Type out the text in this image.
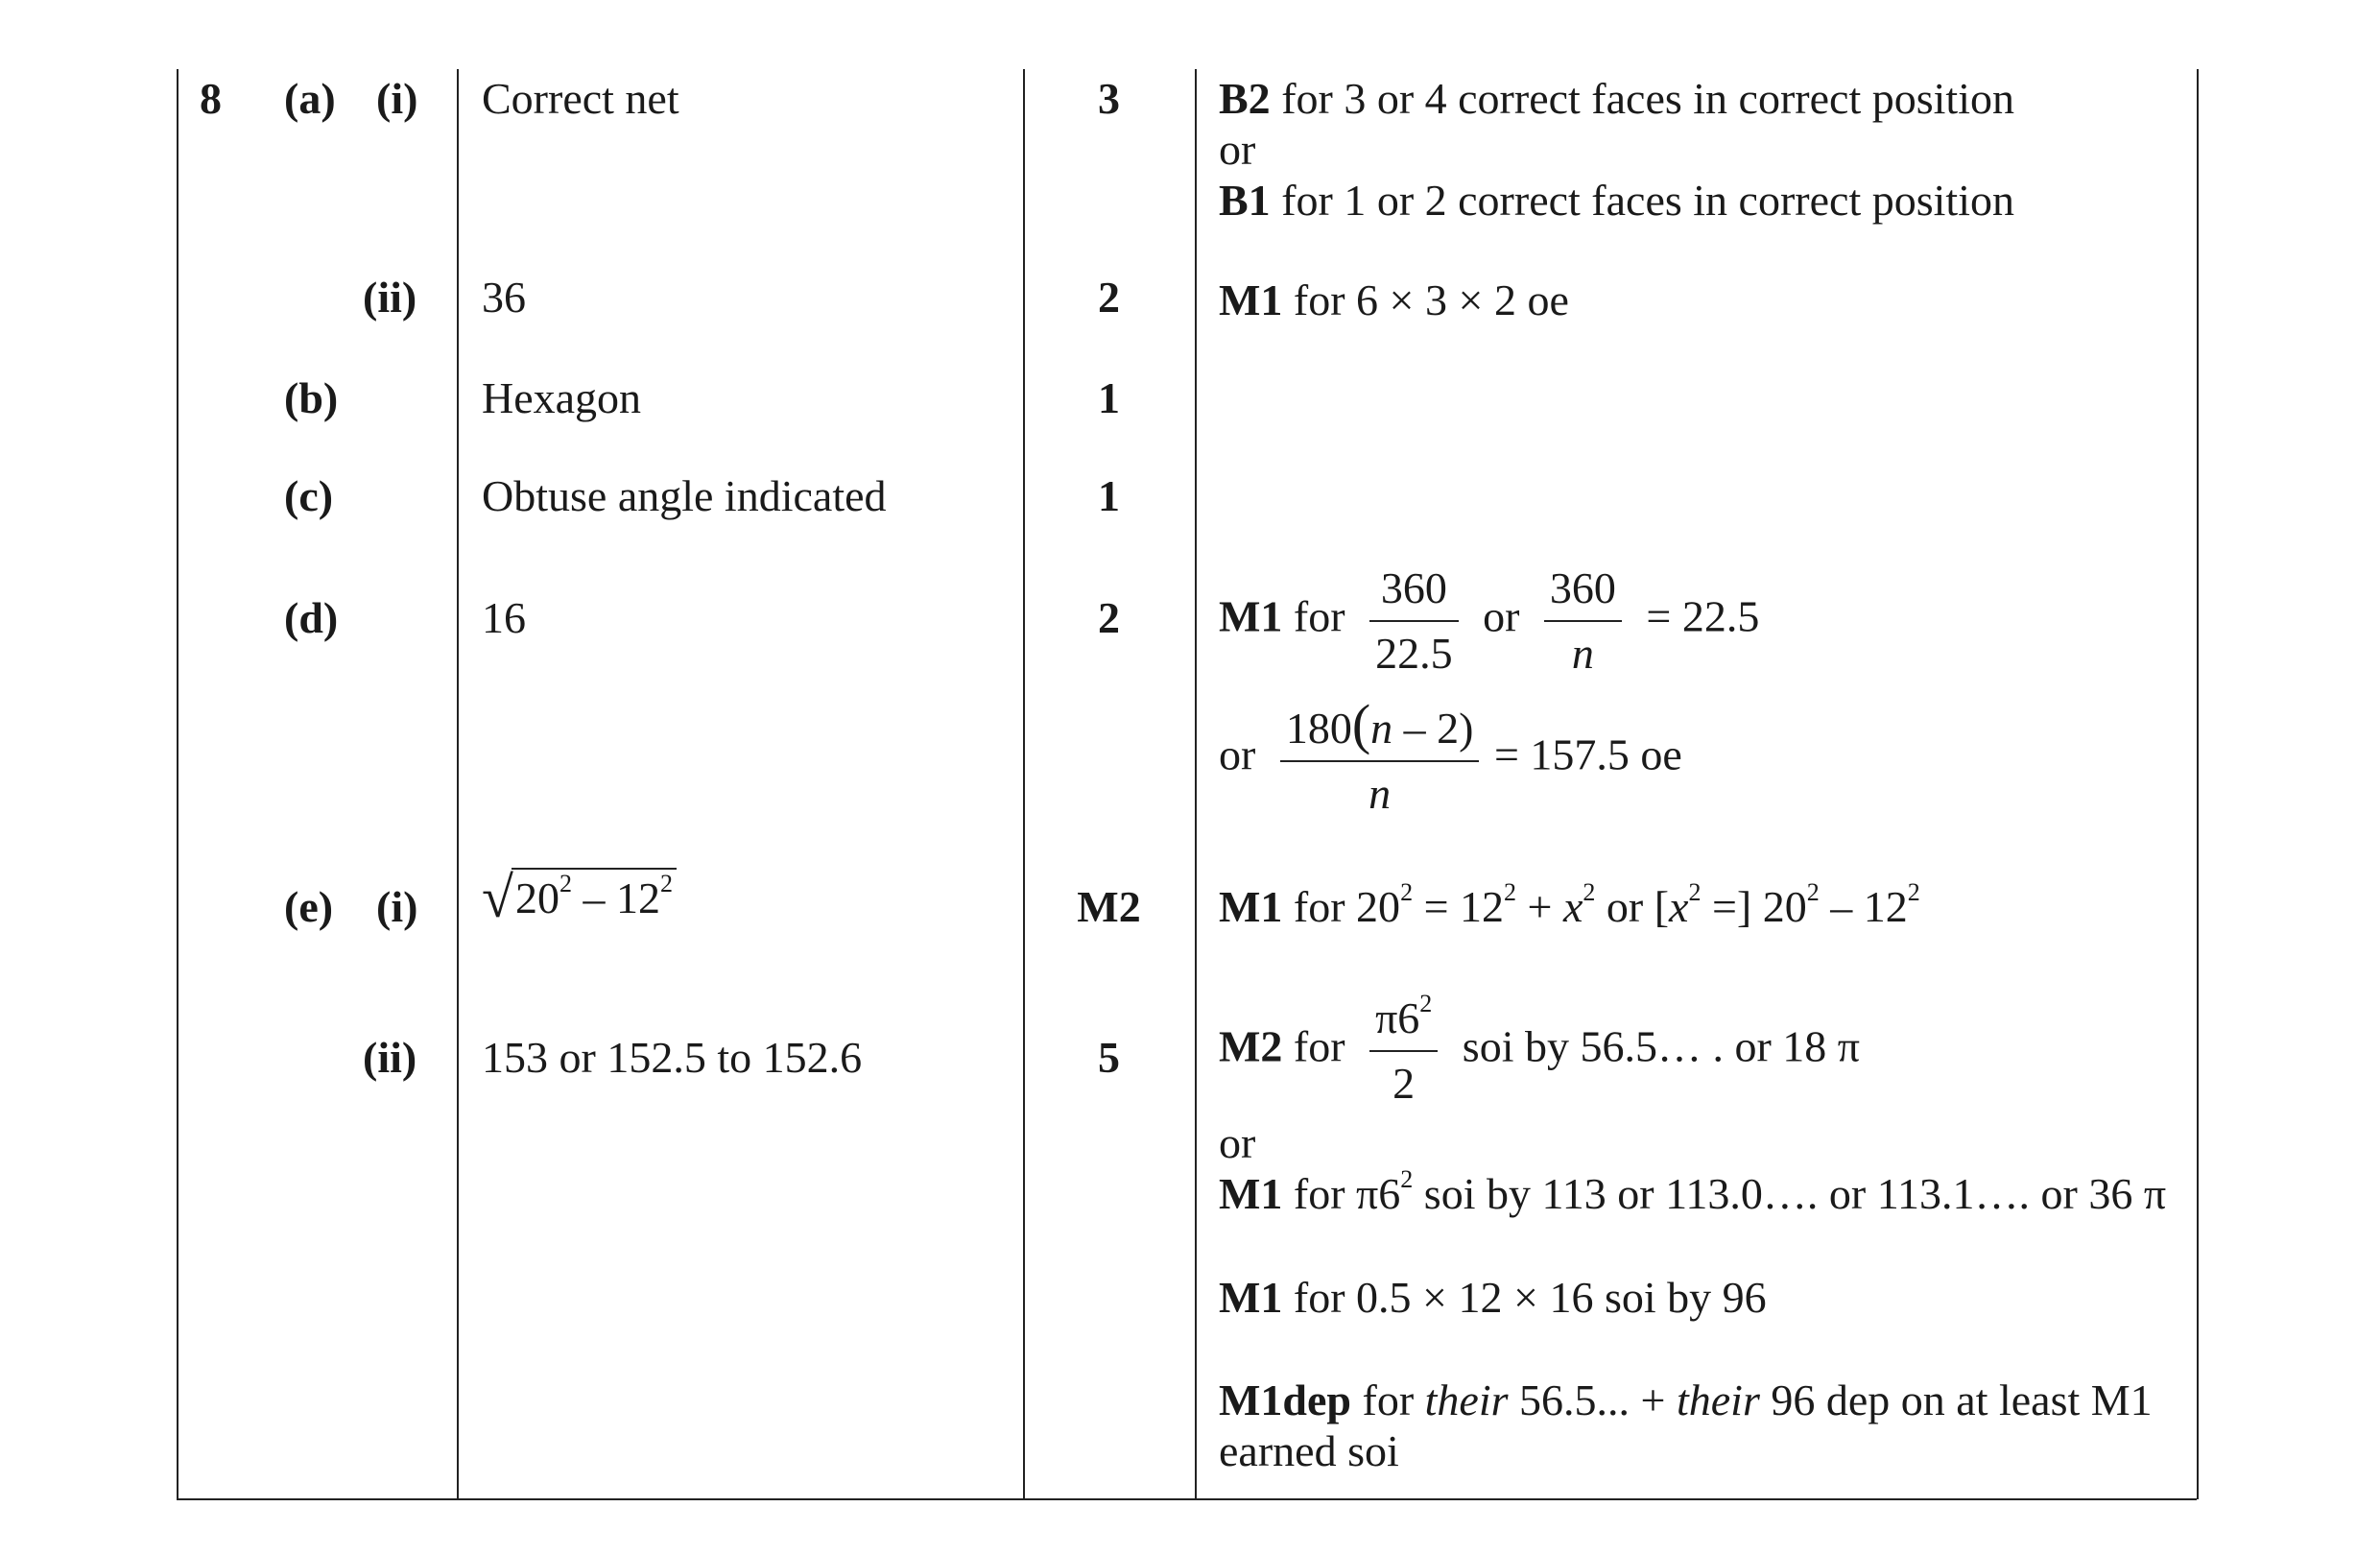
8 (a) (i)
(ii)
(b)
(c)
(d)
(e) (i)
(ii)
Correct net
36
Hexagon
Obtuse angle indicated
16
$√20^2 - 12^2$
153 or 152.5 to 152.6
3
2
1
1
2
M2
5
B2 for 3 or 4 correct faces in correct position
or
B1 for 1 or 2 correct faces in correct position
M1 for 6 × 3 × 2 oe
M1 for $\frac{360}{22.5}$ or $\frac{360}{n} = 22.5$
or $\frac{180(n - 2)}{n} = 157.5$ oe
M1 for $20^2 = 12^2 + x^2$ or [$x^2$ =] $20^2 - 12^2$
M2 for $\frac{\pi 6^2}{2}$ soi by 56.5… . or 18 π
or
M1 for $\pi 6^2$ soi by 113 or 113.0…. or 113.1…. or 36 π
M1 for 0.5 × 12 × 16 soi by 96
M1dep for their 56.5... + their 96 dep on at least M1
earned soi
